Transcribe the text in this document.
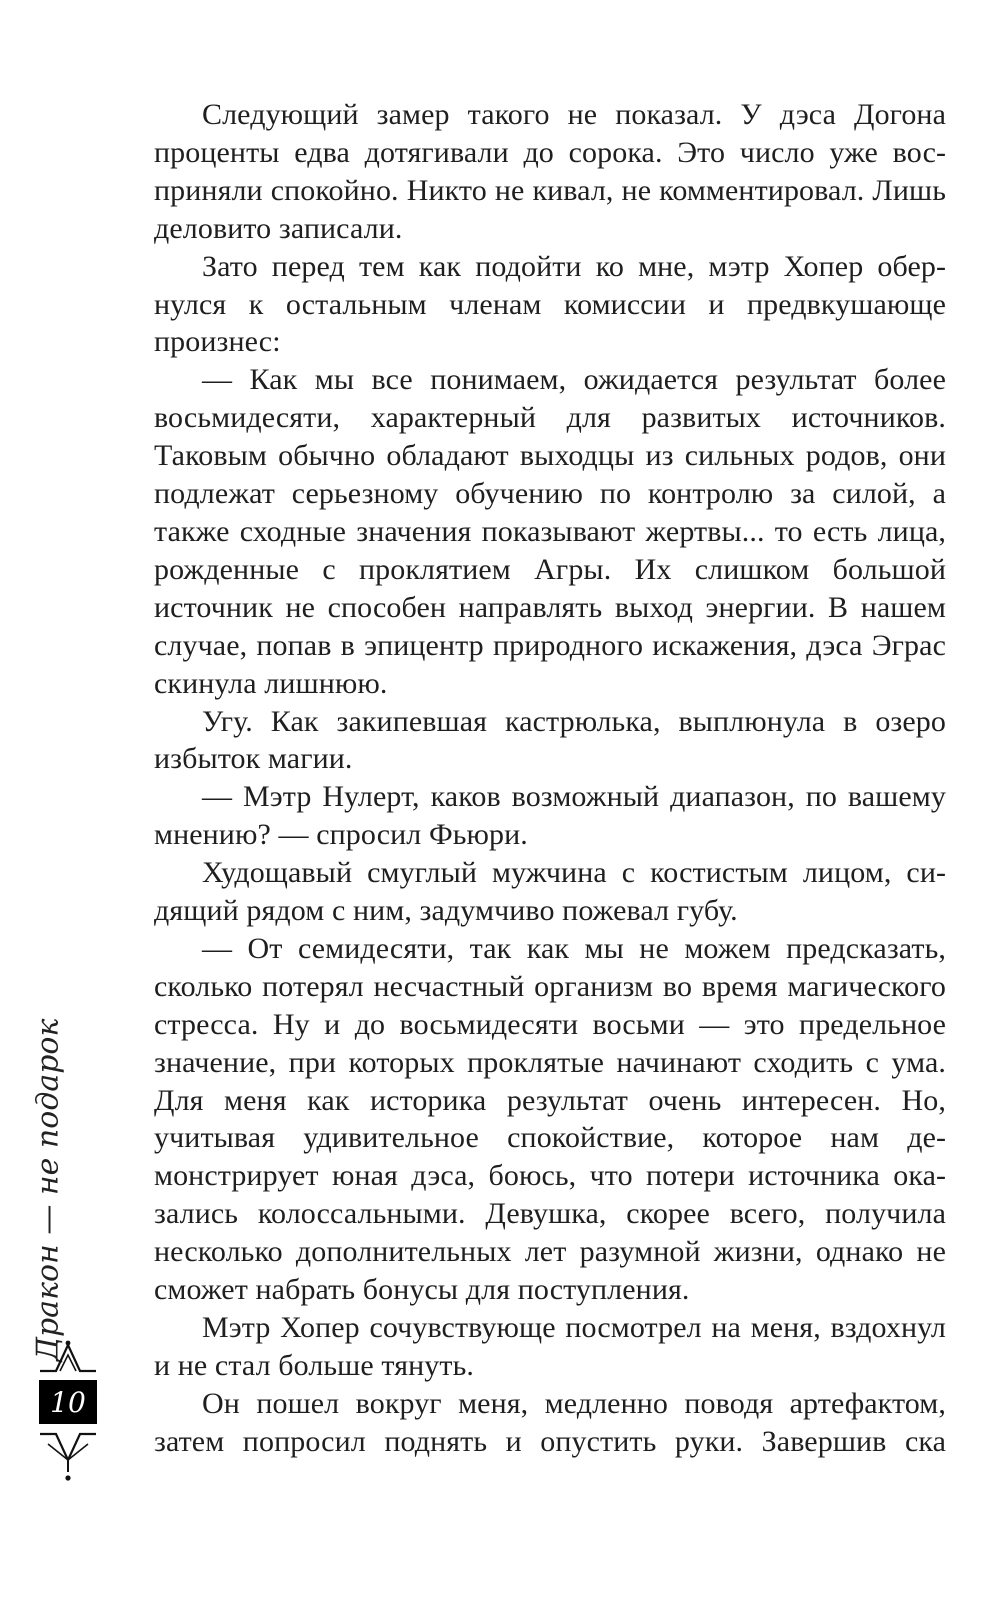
Следующий замер такого не показал. У дэса Догона проценты едва дотягивали до сорока. Это число уже восприняли спокойно. Никто не кивал, не комментировал. Лишь деловито записали.

Зато перед тем как подойти ко мне, мэтр Хопер обернулся к остальным членам комиссии и предвкушающе произнес:

— Как мы все понимаем, ожидается результат более восьмидесяти, характерный для развитых источников. Таковым обычно обладают выходцы из сильных родов, они подлежат серьезному обучению по контролю за силой, а также сходные значения показывают жертвы... то есть лица, рожденные с проклятием Агры. Их слишком большой источник не способен направлять выход энергии. В нашем случае, попав в эпицентр природного искажения, дэса Эграс скинула лишнюю.

Угу. Как закипевшая кастрюлька, выплюнула в озеро избыток магии.

— Мэтр Нулерт, каков возможный диапазон, по вашему мнению? — спросил Фьюри.

Худощавый смуглый мужчина с костистым лицом, сидящий рядом с ним, задумчиво пожевал губу.

— От семидесяти, так как мы не можем предсказать, сколько потерял несчастный организм во время магического стресса. Ну и до восьмидесяти восьми — это предельное значение, при которых проклятые начинают сходить с ума. Для меня как историка результат очень интересен. Но, учитывая удивительное спокойствие, которое нам демонстрирует юная дэса, боюсь, что потери источника оказались колоссальными. Девушка, скорее всего, получила несколько дополнительных лет разумной жизни, однако не сможет набрать бонусы для поступления.

Мэтр Хопер сочувствующе посмотрел на меня, вздохнул и не стал больше тянуть.

Он пошел вокруг меня, медленно поводя артефактом, затем попросил поднять и опустить руки. Завершив ска

Дракон — не подарок
10
